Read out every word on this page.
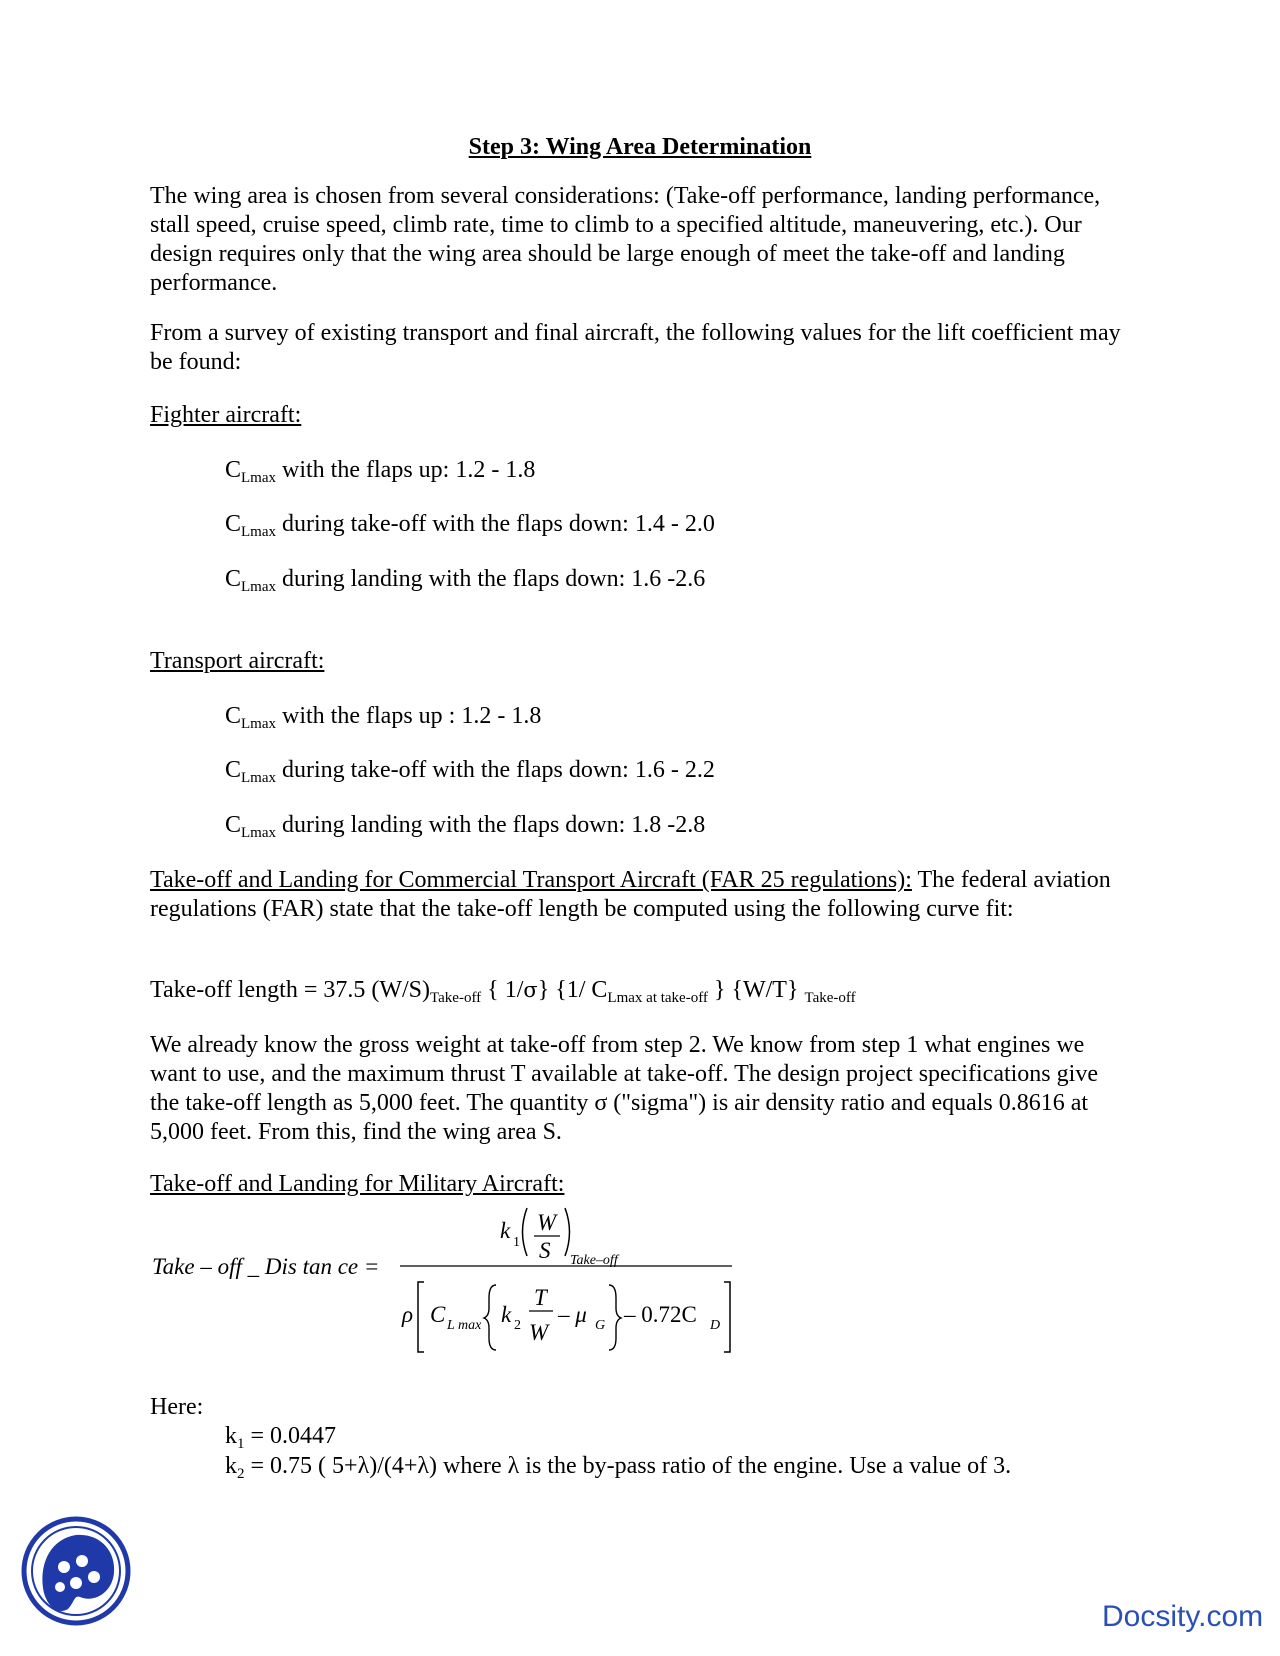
Step 3: Wing Area Determination

The wing area is chosen from several considerations: (Take-off performance, landing performance, stall speed, cruise speed, climb rate, time to climb to a specified altitude, maneuvering, etc.). Our design requires only that the wing area should be large enough of meet the take-off and landing performance.

From a survey of existing transport and final aircraft, the following values for the lift coefficient may be found:

Fighter aircraft:

$C_{Lmax}$ with the flaps up: 1.2 - 1.8

$C_{Lmax}$ during take-off with the flaps down: 1.4 - 2.0

$C_{Lmax}$ during landing with the flaps down: 1.6 -2.6

Transport aircraft:

$C_{Lmax}$ with the flaps up : 1.2 - 1.8

$C_{Lmax}$ during take-off with the flaps down: 1.6 - 2.2

$C_{Lmax}$ during landing with the flaps down: 1.8 -2.8

Take-off and Landing for Commercial Transport Aircraft (FAR 25 regulations): The federal aviation regulations (FAR) state that the take-off length be computed using the following curve fit:

Take-off length = 37.5 $(W/S)_{Take-off}$ { 1/σ} {1/ $C_{Lmax at take-off}$ } {W/T} $_{Take-off}$

We already know the gross weight at take-off from step 2. We know from step 1 what engines we want to use, and the maximum thrust T available at take-off. The design project specifications give the take-off length as 5,000 feet. The quantity σ ("sigma") is air density ratio and equals 0.8616 at 5,000 feet. From this, find the wing area S.

Take-off and Landing for Military Aircraft:

Take – off _ Dis tan ce =
k 1
W
S Take–off
ρ C L max k 2
T
W
– μ G – 0.72C D

Here:

$k_1 = 0.0447$

$k_2 = 0.75$ ( 5+λ)/(4+λ) where λ is the by-pass ratio of the engine. Use a value of 3.

Docsity.com
